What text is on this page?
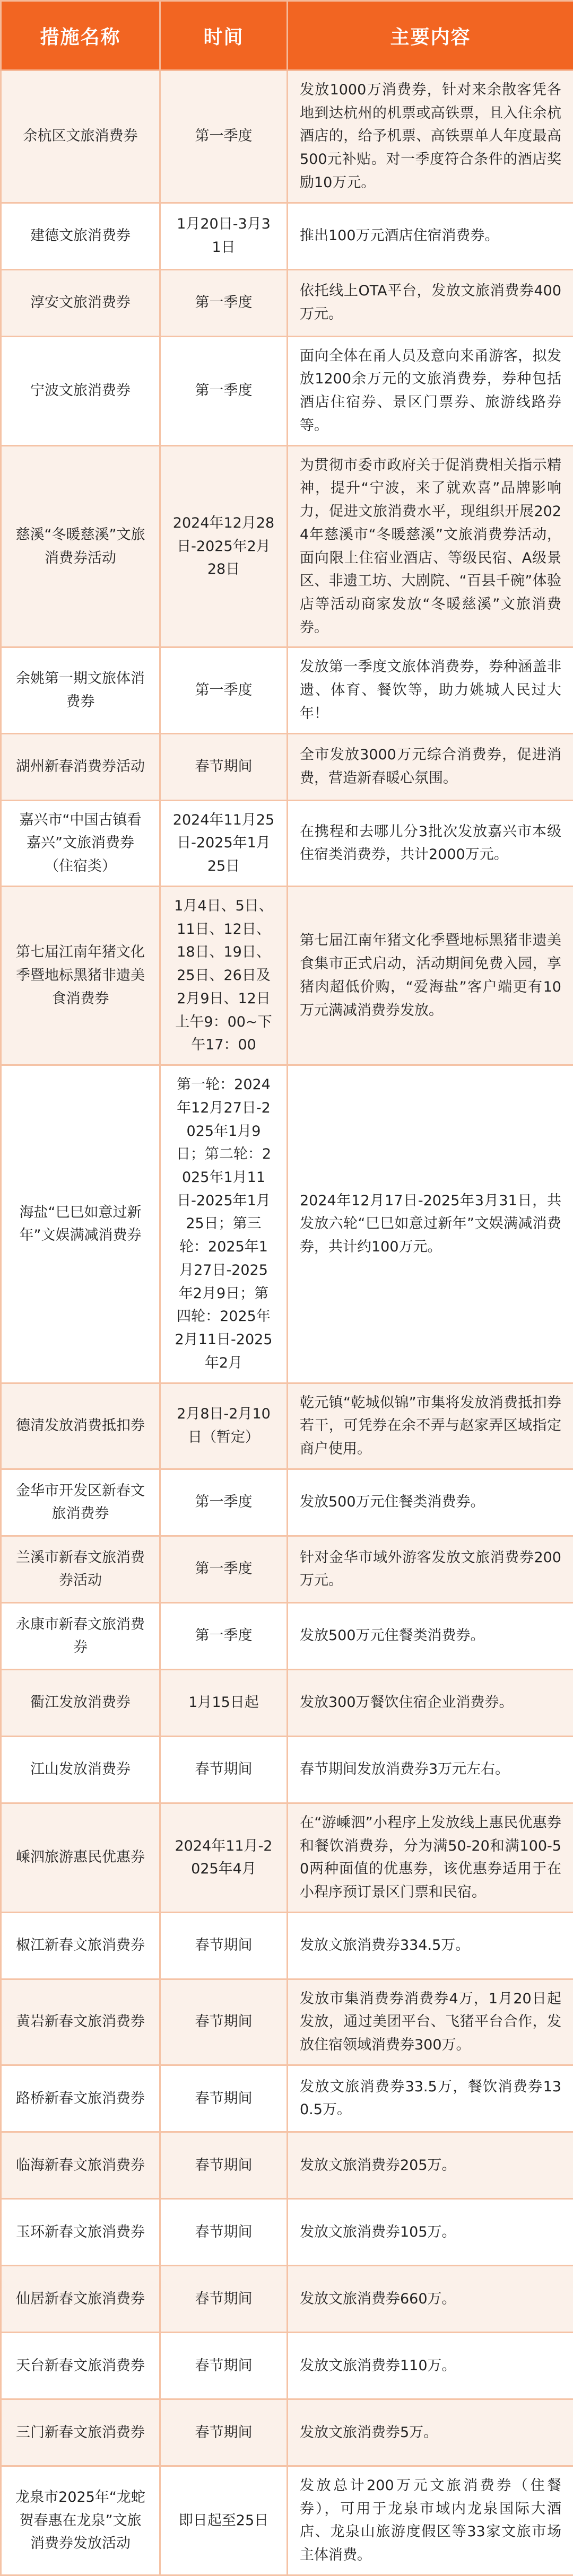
措施名称	时间	主要内容
余杭区文旅消费券	第一季度	发放1000万消费券，针对来余散客凭各地到达杭州的机票或高铁票，且入住余杭酒店的，给予机票、高铁票单人年度最高500元补贴。对一季度符合条件的酒店奖励10万元。
建德文旅消费券	1月20日-3月31日	推出100万元酒店住宿消费券。
淳安文旅消费券	第一季度	依托线上OTA平台，发放文旅消费券400万元。
宁波文旅消费券	第一季度	面向全体在甬人员及意向来甬游客，拟发放1200余万元的文旅消费券，券种包括酒店住宿券、景区门票券、旅游线路券等。
慈溪“冬暖慈溪”文旅消费券活动	2024年12月28日-2025年2月28日	为贯彻市委市政府关于促消费相关指示精神，提升“宁波，来了就欢喜”品牌影响力，促进文旅消费水平，现组织开展2024年慈溪市“冬暖慈溪”文旅消费券活动，面向限上住宿业酒店、等级民宿、A级景区、非遗工坊、大剧院、“百县千碗”体验店等活动商家发放“冬暖慈溪”文旅消费券。
余姚第一期文旅体消费券	第一季度	发放第一季度文旅体消费券，券种涵盖非遗、体育、餐饮等，助力姚城人民过大年！
湖州新春消费券活动	春节期间	全市发放3000万元综合消费券，促进消费，营造新春暖心氛围。
嘉兴市“中国古镇看嘉兴”文旅消费券（住宿类）	2024年11月25日-2025年1月25日	在携程和去哪儿分3批次发放嘉兴市本级住宿类消费券，共计2000万元。
第七届江南年猪文化季暨地标黑猪非遗美食消费券	1月4日、5日、11日、12日、18日、19日、25日、26日及2月9日、12日上午9：00~下午17：00	第七届江南年猪文化季暨地标黑猪非遗美食集市正式启动，活动期间免费入园，享猪肉超低价购，“爱海盐”客户端更有10万元满减消费券发放。
海盐“巳巳如意过新年”文娱满减消费券	第一轮：2024年12月27日-2025年1月9日；第二轮：2025年1月11日-2025年1月25日；第三轮：2025年1月27日-2025年2月9日；第四轮：2025年2月11日-2025年2月	2024年12月17日-2025年3月31日，共发放六轮“巳巳如意过新年”文娱满减消费券，共计约100万元。
德清发放消费抵扣券	2月8日-2月10日（暂定）	乾元镇“乾城似锦”市集将发放消费抵扣券若干，可凭券在余不弄与赵家弄区域指定商户使用。
金华市开发区新春文旅消费券	第一季度	发放500万元住餐类消费券。
兰溪市新春文旅消费券活动	第一季度	针对金华市域外游客发放文旅消费券200万元。
永康市新春文旅消费券	第一季度	发放500万元住餐类消费券。
衢江发放消费券	1月15日起	发放300万餐饮住宿企业消费券。
江山发放消费券	春节期间	春节期间发放消费券3万元左右。
嵊泗旅游惠民优惠券	2024年11月-2025年4月	在“游嵊泗”小程序上发放线上惠民优惠券和餐饮消费券，分为满50-20和满100-50两种面值的优惠券，该优惠券适用于在小程序预订景区门票和民宿。
椒江新春文旅消费券	春节期间	发放文旅消费券334.5万。
黄岩新春文旅消费券	春节期间	发放市集消费券消费券4万，1月20日起发放，通过美团平台、飞猪平台合作，发放住宿领域消费券300万。
路桥新春文旅消费券	春节期间	发放文旅消费券33.5万，餐饮消费券130.5万。
临海新春文旅消费券	春节期间	发放文旅消费券205万。
玉环新春文旅消费券	春节期间	发放文旅消费券105万。
仙居新春文旅消费券	春节期间	发放文旅消费券660万。
天台新春文旅消费券	春节期间	发放文旅消费券110万。
三门新春文旅消费券	春节期间	发放文旅消费券5万。
龙泉市2025年“龙蛇贺春惠在龙泉”文旅消费券发放活动	即日起至25日	发放总计200万元文旅消费券（住餐券），可用于龙泉市域内龙泉国际大酒店、龙泉山旅游度假区等33家文旅市场主体消费。
